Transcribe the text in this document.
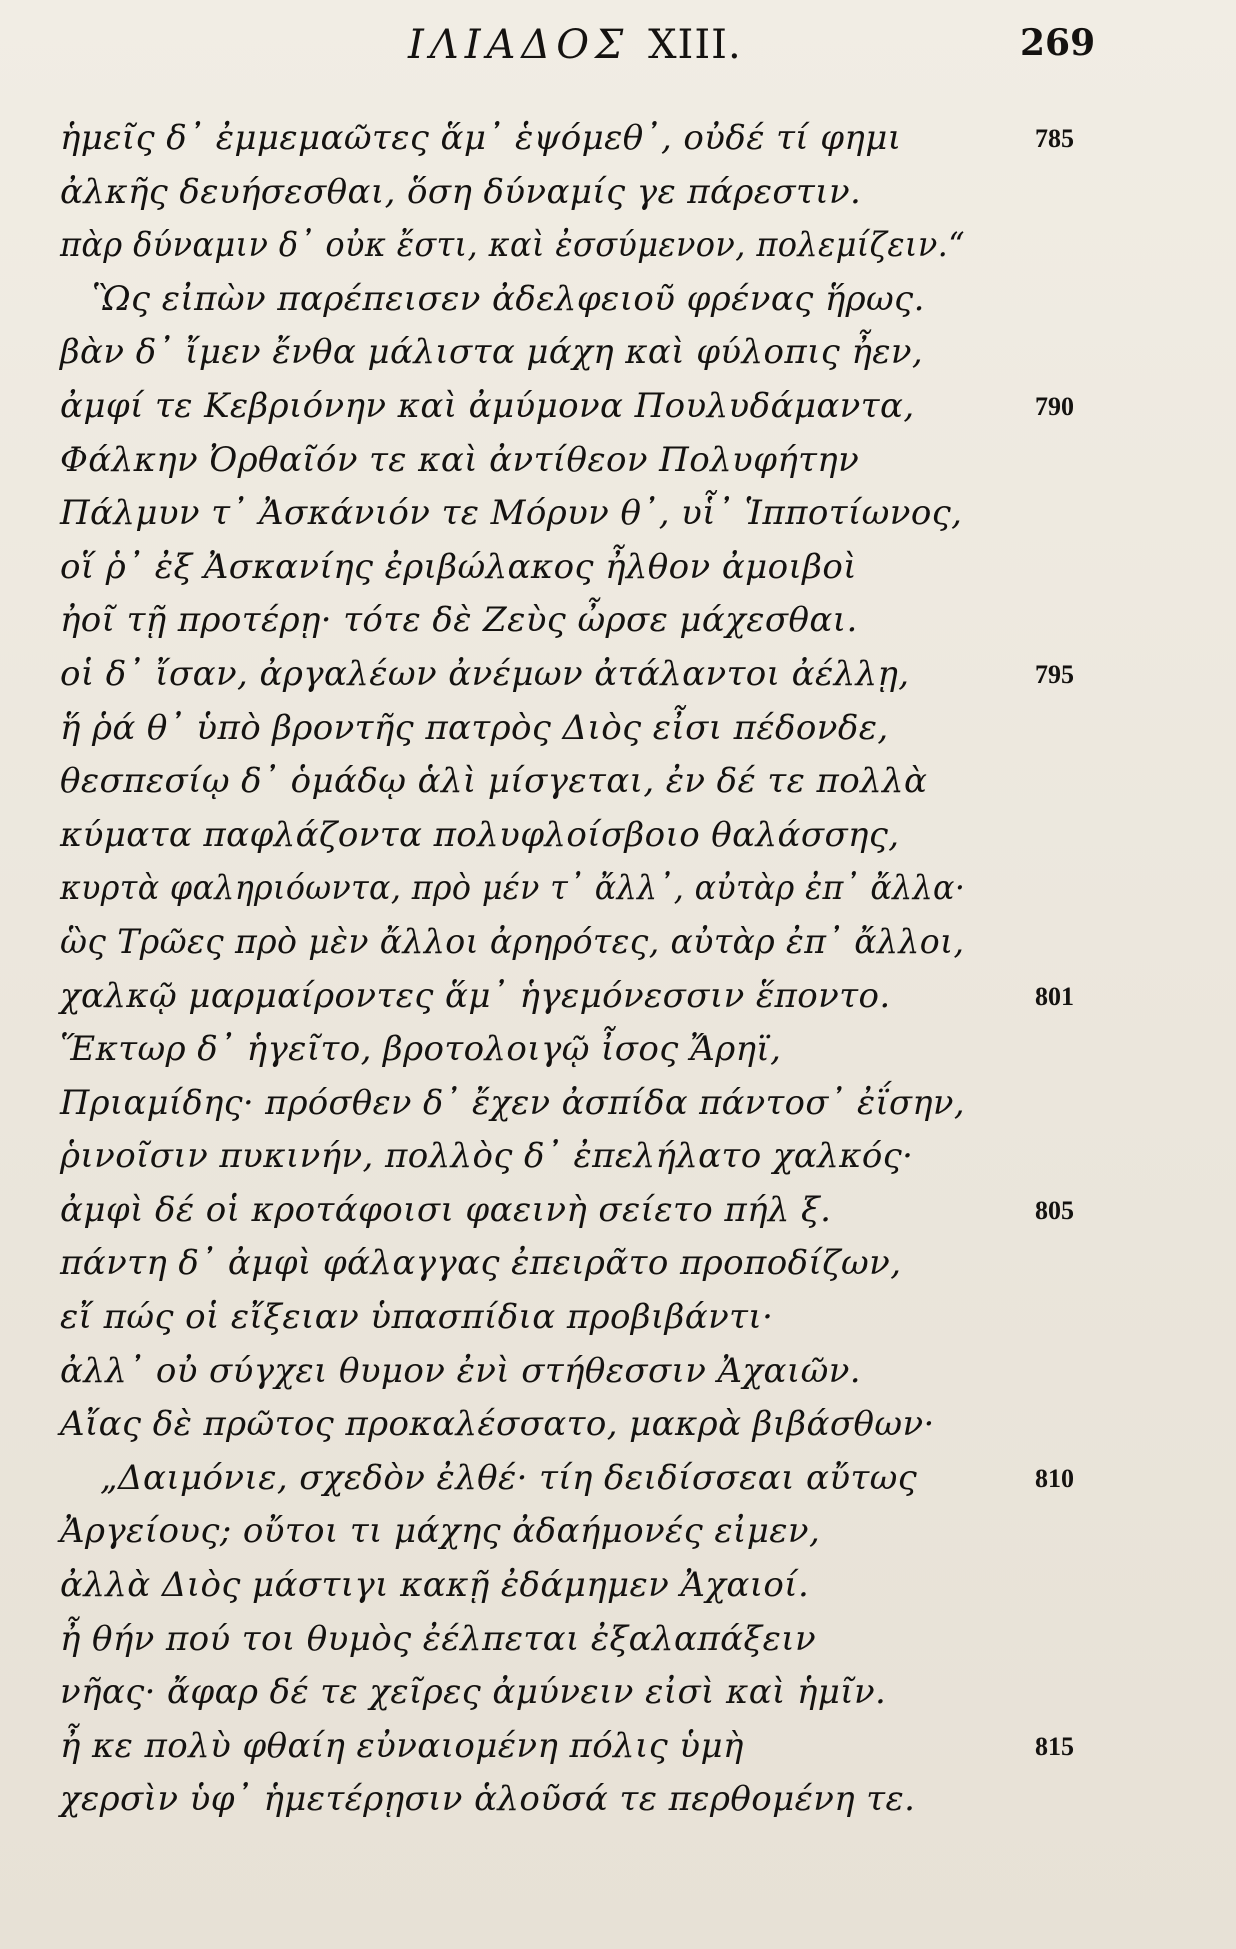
ΙΛΙΑΔΟΣ XIII.	269
ἡμεῖς δ᾽ ἐμμεμαῶτες ἅμ᾽ ἑψόμεθ᾽, οὐδέ τί φημι	785
ἀλκῆς δευήσεσθαι, ὅση δύναμίς γε πάρεστιν.
πὰρ δύναμιν δ᾽ οὐκ ἔστι, καὶ ἐσσύμενον, πολεμίζειν.“
Ὣς εἰπὼν παρέπεισεν ἀδελφειοῦ φρένας ἥρως.
βὰν δ᾽ ἴμεν ἔνθα μάλιστα μάχη καὶ φύλοπις ἦεν,
ἀμφί τε Κεβριόνην καὶ ἀμύμονα Πουλυδάμαντα,	790
Φάλκην Ὀρθαῖόν τε καὶ ἀντίθεον Πολυφήτην
Πάλμυν τ᾽ Ἀσκάνιόν τε Μόρυν θ᾽, υἷ᾽ Ἱπποτίωνος,
οἵ ῥ᾽ ἐξ Ἀσκανίης ἐριβώλακος ἦλθον ἀμοιβοὶ
ἠοῖ τῇ προτέρῃ· τότε δὲ Ζεὺς ὦρσε μάχεσθαι.
οἱ δ᾽ ἴσαν, ἀργαλέων ἀνέμων ἀτάλαντοι ἀέλλῃ,	795
ἥ ῥά θ᾽ ὑπὸ βροντῆς πατρὸς Διὸς εἶσι πέδονδε,
θεσπεσίῳ δ᾽ ὁμάδῳ ἁλὶ μίσγεται, ἐν δέ τε πολλὰ
κύματα παφλάζοντα πολυφλοίσβοιο θαλάσσης,
κυρτὰ φαληριόωντα, πρὸ μέν τ᾽ ἄλλ᾽, αὐτὰρ ἐπ᾽ ἄλλα·
ὣς Τρῶες πρὸ μὲν ἄλλοι ἀρηρότες, αὐτὰρ ἐπ᾽ ἄλλοι,
χαλκῷ μαρμαίροντες ἅμ᾽ ἡγεμόνεσσιν ἕποντο.	801
Ἕκτωρ δ᾽ ἡγεῖτο, βροτολοιγῷ ἶσος Ἄρηϊ,
Πριαμίδης· πρόσθεν δ᾽ ἔχεν ἀσπίδα πάντοσ᾽ ἐΐσην,
ῥινοῖσιν πυκινήν, πολλὸς δ᾽ ἐπελήλατο χαλκός·
ἀμφὶ δέ οἱ κροτάφοισι φαεινὴ σείετο πήλ ξ.	805
πάντη δ᾽ ἀμφὶ φάλαγγας ἐπειρᾶτο προποδίζων,
εἴ πώς οἱ εἴξειαν ὑπασπίδια προβιβάντι·
ἀλλ᾽ οὐ σύγχει θυμον ἐνὶ στήθεσσιν Ἀχαιῶν.
Αἴας δὲ πρῶτος προκαλέσσατο, μακρὰ βιβάσθων·
„Δαιμόνιε, σχεδὸν ἐλθέ· τίη δειδίσσεαι αὔτως	810
Ἀργείους; οὔτοι τι μάχης ἀδαήμονές εἰμεν,
ἀλλὰ Διὸς μάστιγι κακῇ ἐδάμημεν Ἀχαιοί.
ἦ θήν πού τοι θυμὸς ἐέλπεται ἐξαλαπάξειν
νῆας· ἄφαρ δέ τε χεῖρες ἀμύνειν εἰσὶ καὶ ἡμῖν.
ἦ κε πολὺ φθαίη εὐναιομένη πόλις ὑμὴ	815
χερσὶν ὑφ᾽ ἡμετέρῃσιν ἁλοῦσά τε περθομένη τε.
